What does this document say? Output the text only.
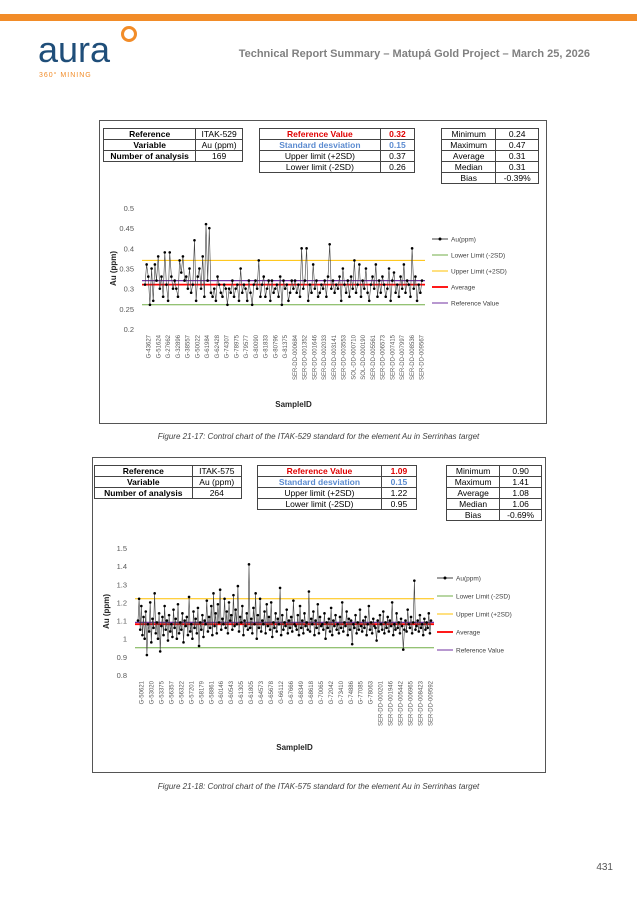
aura
360° MINING
Technical Report Summary – Matupá Gold Project – March 25, 2026
Reference	ITAK-529
Variable	Au (ppm)
Number of analysis	169
Reference Value	0.32
Standard desviation	0.15
Upper limit (+2SD)	0.37
Lower limit (-2SD)	0.26
Minimum	0.24
Maximum	0.47
Average	0.31
Median	0.31
Bias	-0.39%
0.2
0.25
0.3
0.35
0.4
0.45
0.5
Au (ppm)
G-43627 G-51624 G-27662 G-32896 G-38557 G-50022 G-61984 G-62428 G-74307 G-78975 G-79577 G-80090 G-81833 G-80796 G-81375 SER-DD-000684 SER-DD-001352 SER-DD-001646 SER-DD-002033 SER-DD-003141 SER-DD-003553 SOL-DD-000710 SOL-DD-000190 SER-DD-005561 SER-DD-006573 SER-DD-007415 SER-DD-007997 SER-DD-008536 SER-DD-009567
SampleID
Au(ppm)
Lower Limit (-2SD)
Upper Limit (+2SD)
Average
Reference Value
Figure 21-17: Control chart of the ITAK-529 standard for the element Au in Serrinhas target
Reference	ITAK-575
Variable	Au (ppm)
Number of analysis	264
Reference Value	1.09
Standard desviation	0.15
Upper limit (+2SD)	1.22
Lower limit (-2SD)	0.95
Minimum	0.90
Maximum	1.41
Average	1.08
Median	1.06
Bias	-0.69%
0.8
0.9
1
1.1
1.2
1.3
1.4
1.5
Au (ppm)
G-50621 G-53020 G-53375 G-56357 G-56322 G-57201 G-58179 G-58861 G-60146 G-60543 G-61305 G-61805 G-64573 G-65678 G-66112 G-67666 G-68349 G-68618 G-70065 G-72042 G-73410 G-74886 G-77085 G-78063 SER-DD-000201 SER-DD-001946 SER-DD-005442 SER-DD-006965 SER-DD-008423 SER-DD-009592
SampleID
Au(ppm)
Lower Limit (-2SD)
Upper Limit (+2SD)
Average
Reference Value
Figure 21-18: Control chart of the ITAK-575 standard for the element Au in Serrinhas target
431
